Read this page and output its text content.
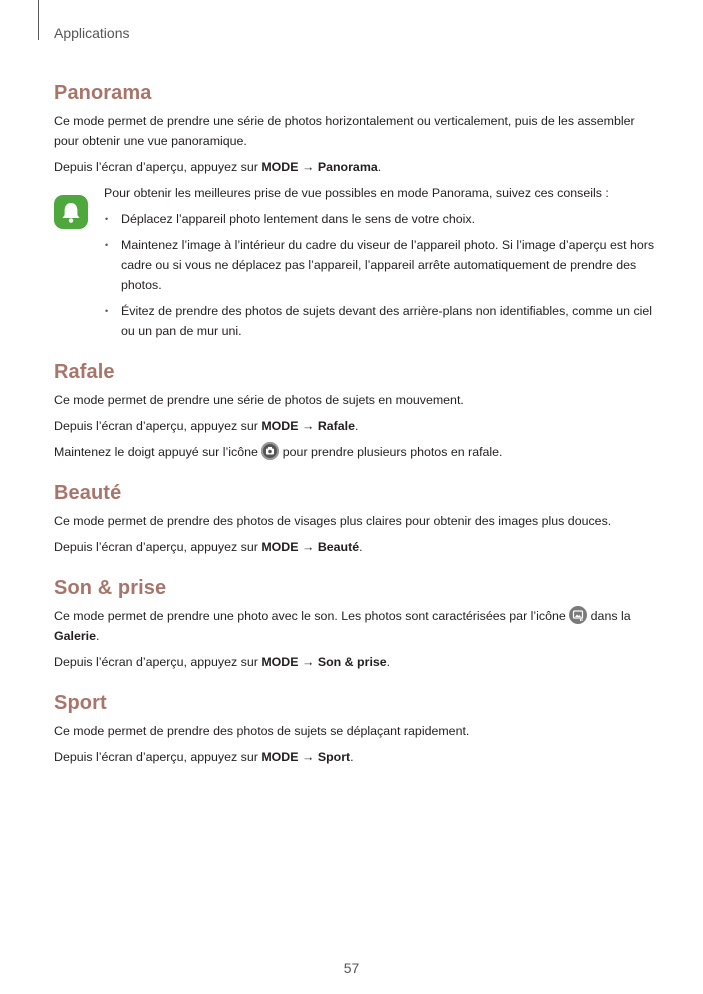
Applications
Panorama

Ce mode permet de prendre une série de photos horizontalement ou verticalement, puis de les assembler pour obtenir une vue panoramique.

Depuis l’écran d’aperçu, appuyez sur MODE → Panorama.

Pour obtenir les meilleures prise de vue possibles en mode Panorama, suivez ces conseils :

• Déplacez l’appareil photo lentement dans le sens de votre choix.
• Maintenez l’image à l’intérieur du cadre du viseur de l’appareil photo. Si l’image d’aperçu est hors cadre ou si vous ne déplacez pas l’appareil, l’appareil arrête automatiquement de prendre des photos.
• Évitez de prendre des photos de sujets devant des arrière-plans non identifiables, comme un ciel ou un pan de mur uni.
Rafale

Ce mode permet de prendre une série de photos de sujets en mouvement.

Depuis l’écran d’aperçu, appuyez sur MODE → Rafale.

Maintenez le doigt appuyé sur l’icône  pour prendre plusieurs photos en rafale.

Beauté

Ce mode permet de prendre des photos de visages plus claires pour obtenir des images plus douces.

Depuis l’écran d’aperçu, appuyez sur MODE → Beauté.

Son & prise

Ce mode permet de prendre une photo avec le son. Les photos sont caractérisées par l’icône  dans la Galerie.

Depuis l’écran d’aperçu, appuyez sur MODE → Son & prise.

Sport

Ce mode permet de prendre des photos de sujets se déplaçant rapidement.

Depuis l’écran d’aperçu, appuyez sur MODE → Sport.

57
